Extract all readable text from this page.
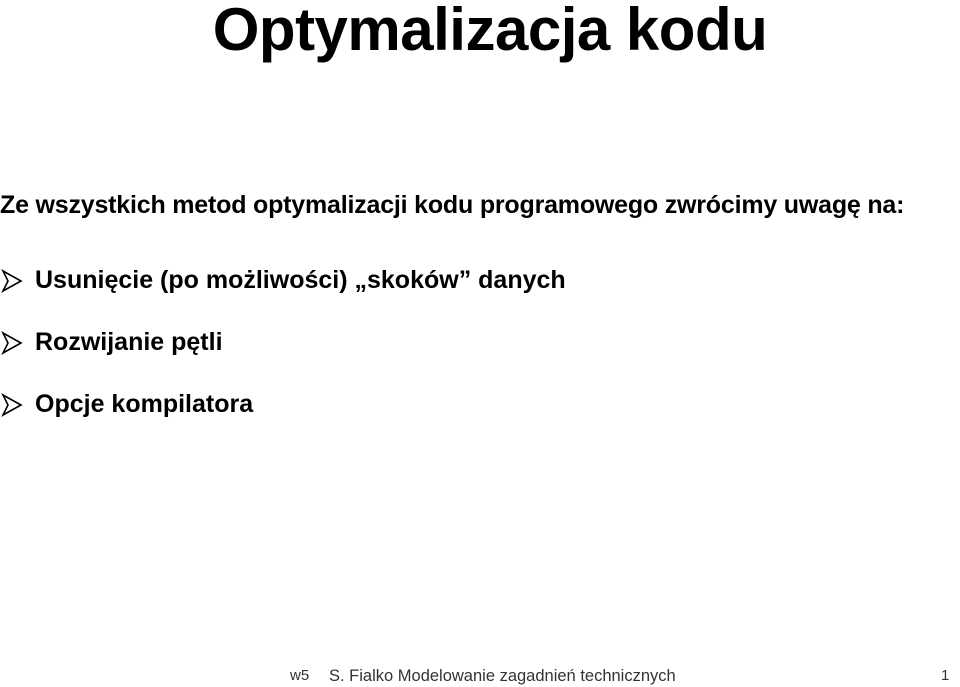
Optymalizacja kodu
Ze wszystkich metod optymalizacji kodu programowego zwrócimy uwagę na:
Usunięcie (po możliwości) „skoków” danych
Rozwijanie pętli
Opcje kompilatora
w5 S. Fialko Modelowanie zagadnień technicznych	1
